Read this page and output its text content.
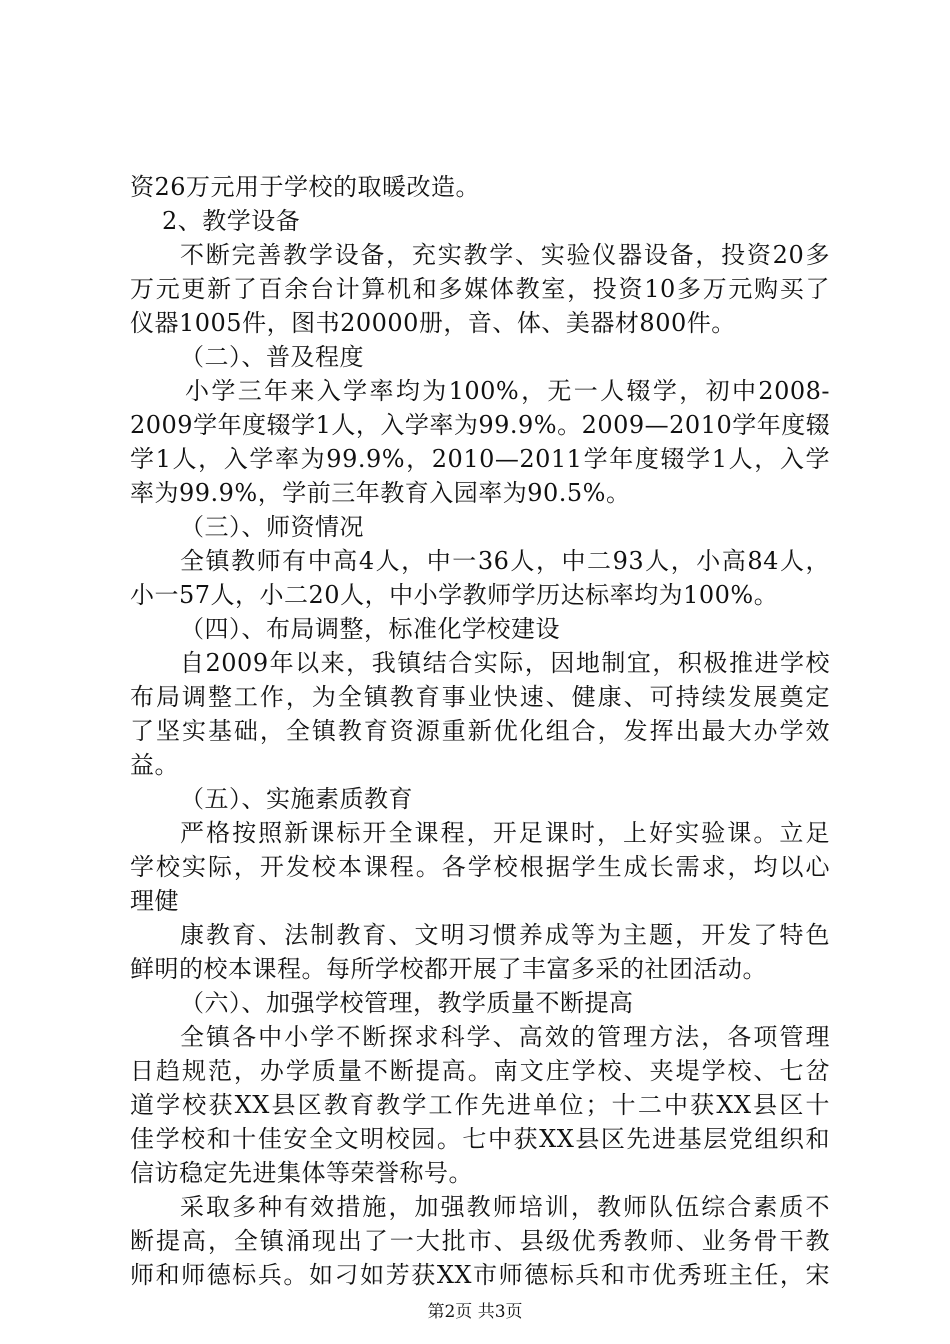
资26万元用于学校的取暖改造。
2、教学设备
不断完善教学设备，充实教学、实验仪器设备，投资20多
万元更新了百余台计算机和多媒体教室，投资10多万元购买了
仪器1005件，图书20000册，音、体、美器材800件。
（二）、普及程度
小学三年来入学率均为100%，无一人辍学，初中2008-
2009学年度辍学1人，入学率为99.9%。2009—2010学年度辍
学1人，入学率为99.9%，2010—2011学年度辍学1人，入学
率为99.9%，学前三年教育入园率为90.5%。
（三）、师资情况
全镇教师有中高4人，中一36人，中二93人，小高84人，
小一57人，小二20人，中小学教师学历达标率均为100%。
（四）、布局调整，标准化学校建设
自2009年以来，我镇结合实际，因地制宜，积极推进学校
布局调整工作，为全镇教育事业快速、健康、可持续发展奠定
了坚实基础，全镇教育资源重新优化组合，发挥出最大办学效
益。
（五）、实施素质教育
严格按照新课标开全课程，开足课时，上好实验课。立足
学校实际，开发校本课程。各学校根据学生成长需求，均以心
理健
康教育、法制教育、文明习惯养成等为主题，开发了特色
鲜明的校本课程。每所学校都开展了丰富多采的社团活动。
（六）、加强学校管理，教学质量不断提高
全镇各中小学不断探求科学、高效的管理方法，各项管理
日趋规范，办学质量不断提高。南文庄学校、夹堤学校、七岔
道学校获XX县区教育教学工作先进单位；十二中获XX县区十
佳学校和十佳安全文明校园。七中获XX县区先进基层党组织和
信访稳定先进集体等荣誉称号。
采取多种有效措施，加强教师培训，教师队伍综合素质不
断提高，全镇涌现出了一大批市、县级优秀教师、业务骨干教
师和师德标兵。如刁如芳获XX市师德标兵和市优秀班主任，宋
第2页 共3页
